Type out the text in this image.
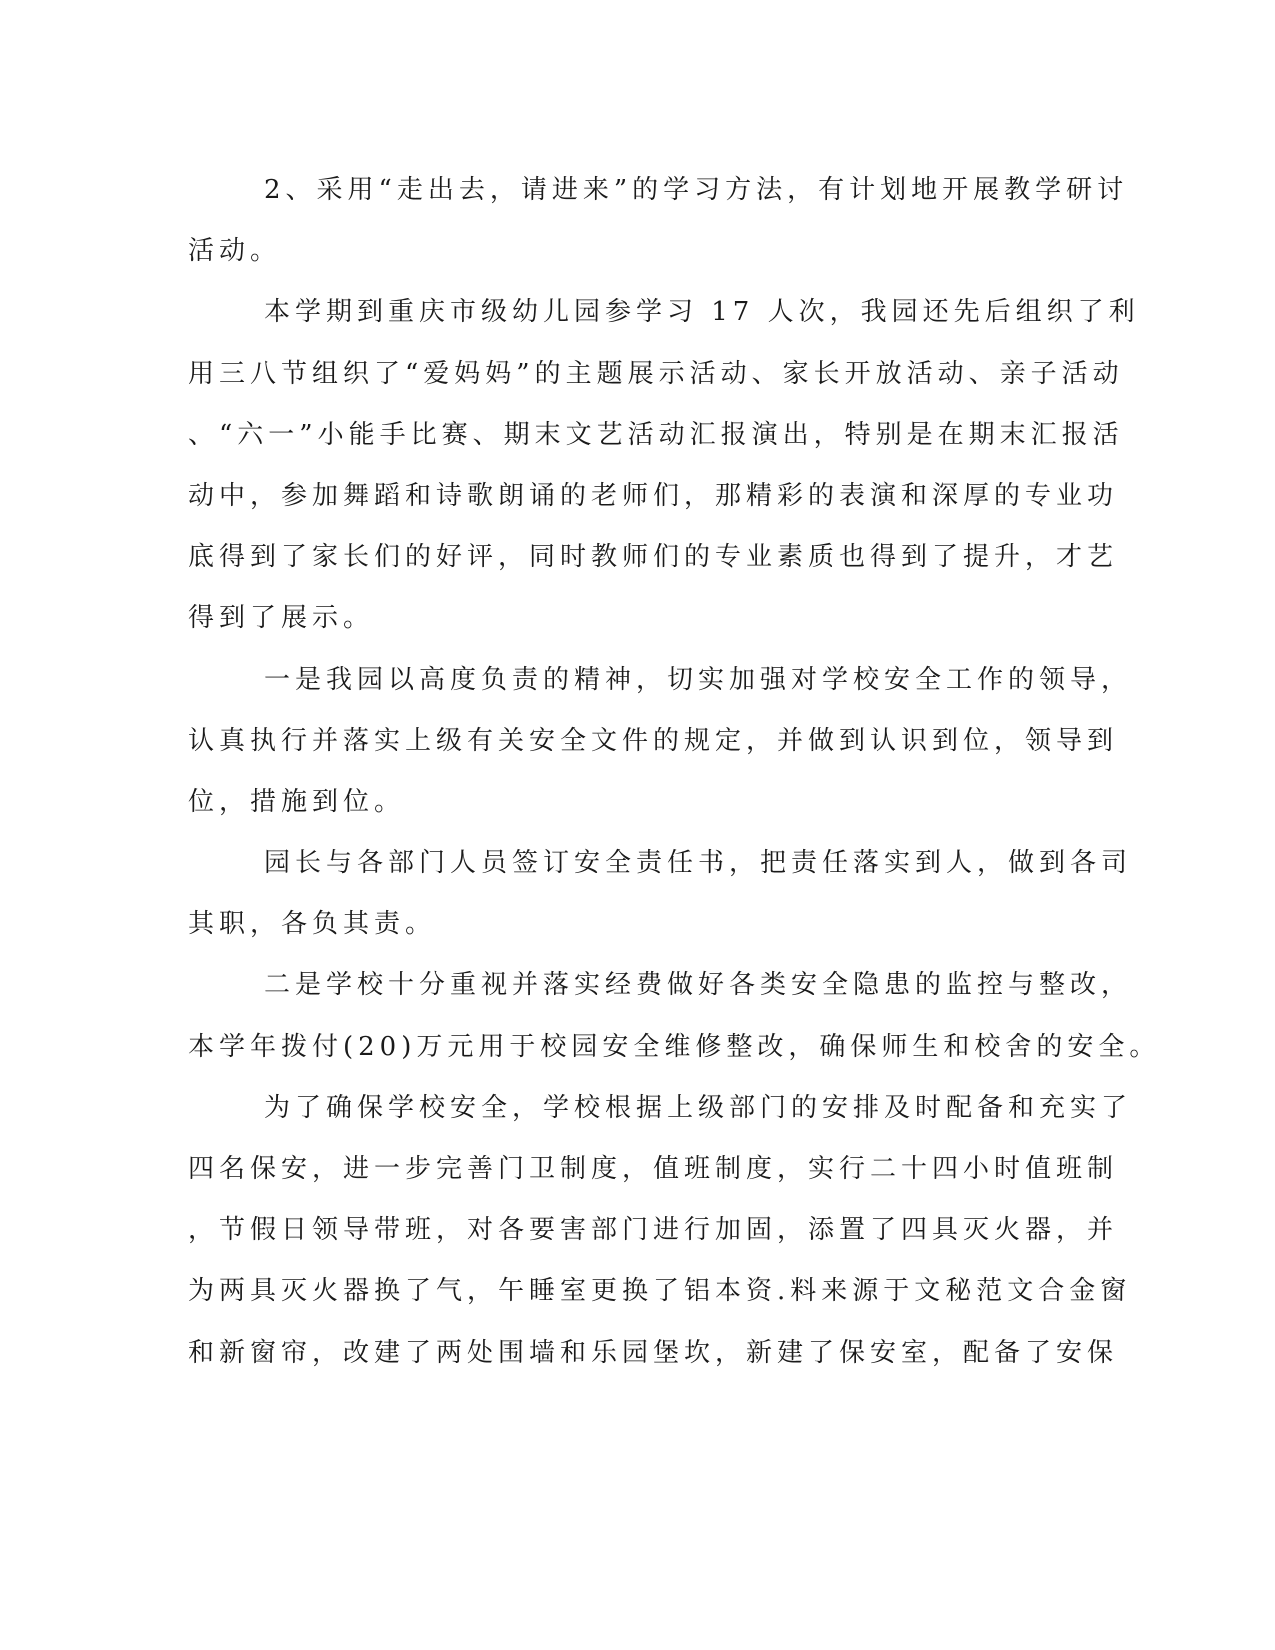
2、采用“走出去，请进来”的学习方法，有计划地开展教学研讨
活动。
本学期到重庆市级幼儿园参学习 17 人次，我园还先后组织了利
用三八节组织了“爱妈妈”的主题展示活动、家长开放活动、亲子活动
、“六一”小能手比赛、期末文艺活动汇报演出，特别是在期末汇报活
动中，参加舞蹈和诗歌朗诵的老师们，那精彩的表演和深厚的专业功
底得到了家长们的好评，同时教师们的专业素质也得到了提升，才艺
得到了展示。
一是我园以高度负责的精神，切实加强对学校安全工作的领导，
认真执行并落实上级有关安全文件的规定，并做到认识到位，领导到
位，措施到位。
园长与各部门人员签订安全责任书，把责任落实到人，做到各司
其职，各负其责。
二是学校十分重视并落实经费做好各类安全隐患的监控与整改，
本学年拨付(20)万元用于校园安全维修整改，确保师生和校舍的安全。
为了确保学校安全，学校根据上级部门的安排及时配备和充实了
四名保安，进一步完善门卫制度，值班制度，实行二十四小时值班制
，节假日领导带班，对各要害部门进行加固，添置了四具灭火器，并
为两具灭火器换了气，午睡室更换了铝本资.料来源于文秘范文合金窗
和新窗帘，改建了两处围墙和乐园堡坎，新建了保安室，配备了安保
